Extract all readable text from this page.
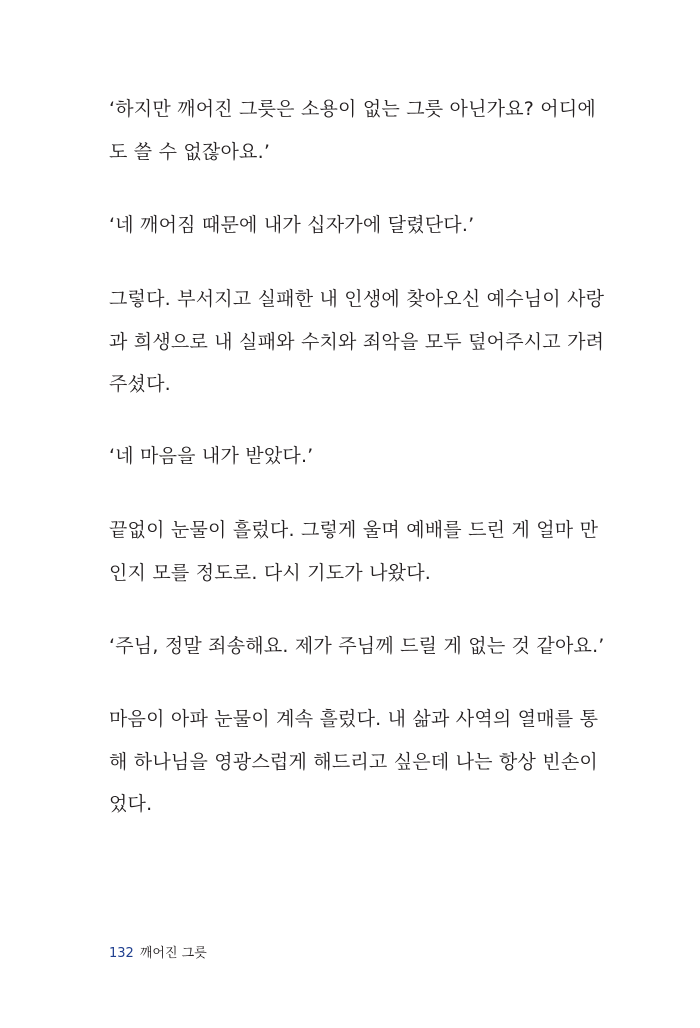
‘하지만 깨어진 그릇은 소용이 없는 그릇 아닌가요? 어디에
도 쓸 수 없잖아요.’
‘네 깨어짐 때문에 내가 십자가에 달렸단다.’
그렇다. 부서지고 실패한 내 인생에 찾아오신 예수님이 사랑
과 희생으로 내 실패와 수치와 죄악을 모두 덮어주시고 가려
주셨다.
‘네 마음을 내가 받았다.’
끝없이 눈물이 흘렀다. 그렇게 울며 예배를 드린 게 얼마 만
인지 모를 정도로. 다시 기도가 나왔다.
‘주님, 정말 죄송해요. 제가 주님께 드릴 게 없는 것 같아요.’
마음이 아파 눈물이 계속 흘렀다. 내 삶과 사역의 열매를 통
해 하나님을 영광스럽게 해드리고 싶은데 나는 항상 빈손이
었다.
132 깨어진 그릇
